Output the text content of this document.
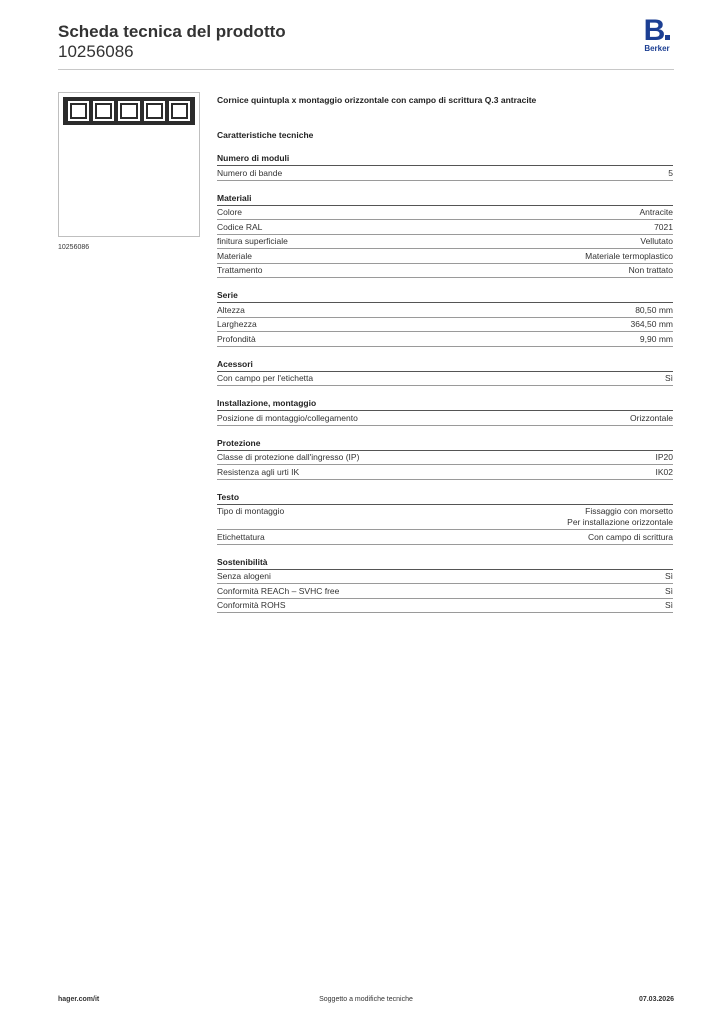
Scheda tecnica del prodotto
10256086
B
Berker
10256086
Cornice quintupla x montaggio orizzontale con campo di scrittura Q.3 antracite
Caratteristiche tecniche
Numero di moduli
Numero di bande	5
Materiali
Colore	Antracite
Codice RAL	7021
finitura superficiale	Vellutato
Materiale	Materiale termoplastico
Trattamento	Non trattato
Serie
Altezza	80,50 mm
Larghezza	364,50 mm
Profondità	9,90 mm
Acessori
Con campo per l'etichetta	Sì
Installazione, montaggio
Posizione di montaggio/collegamento	Orizzontale
Protezione
Classe di protezione dall'ingresso (IP)	IP20
Resistenza agli urti IK	IK02
Testo
Tipo di montaggio	Fissaggio con morsetto
Per installazione orizzontale
Etichettatura	Con campo di scrittura
Sostenibilità
Senza alogeni	Sì
Conformità REACh – SVHC free	Sì
Conformità ROHS	Sì
hager.com/it	Soggetto a modifiche tecniche	07.03.2026
